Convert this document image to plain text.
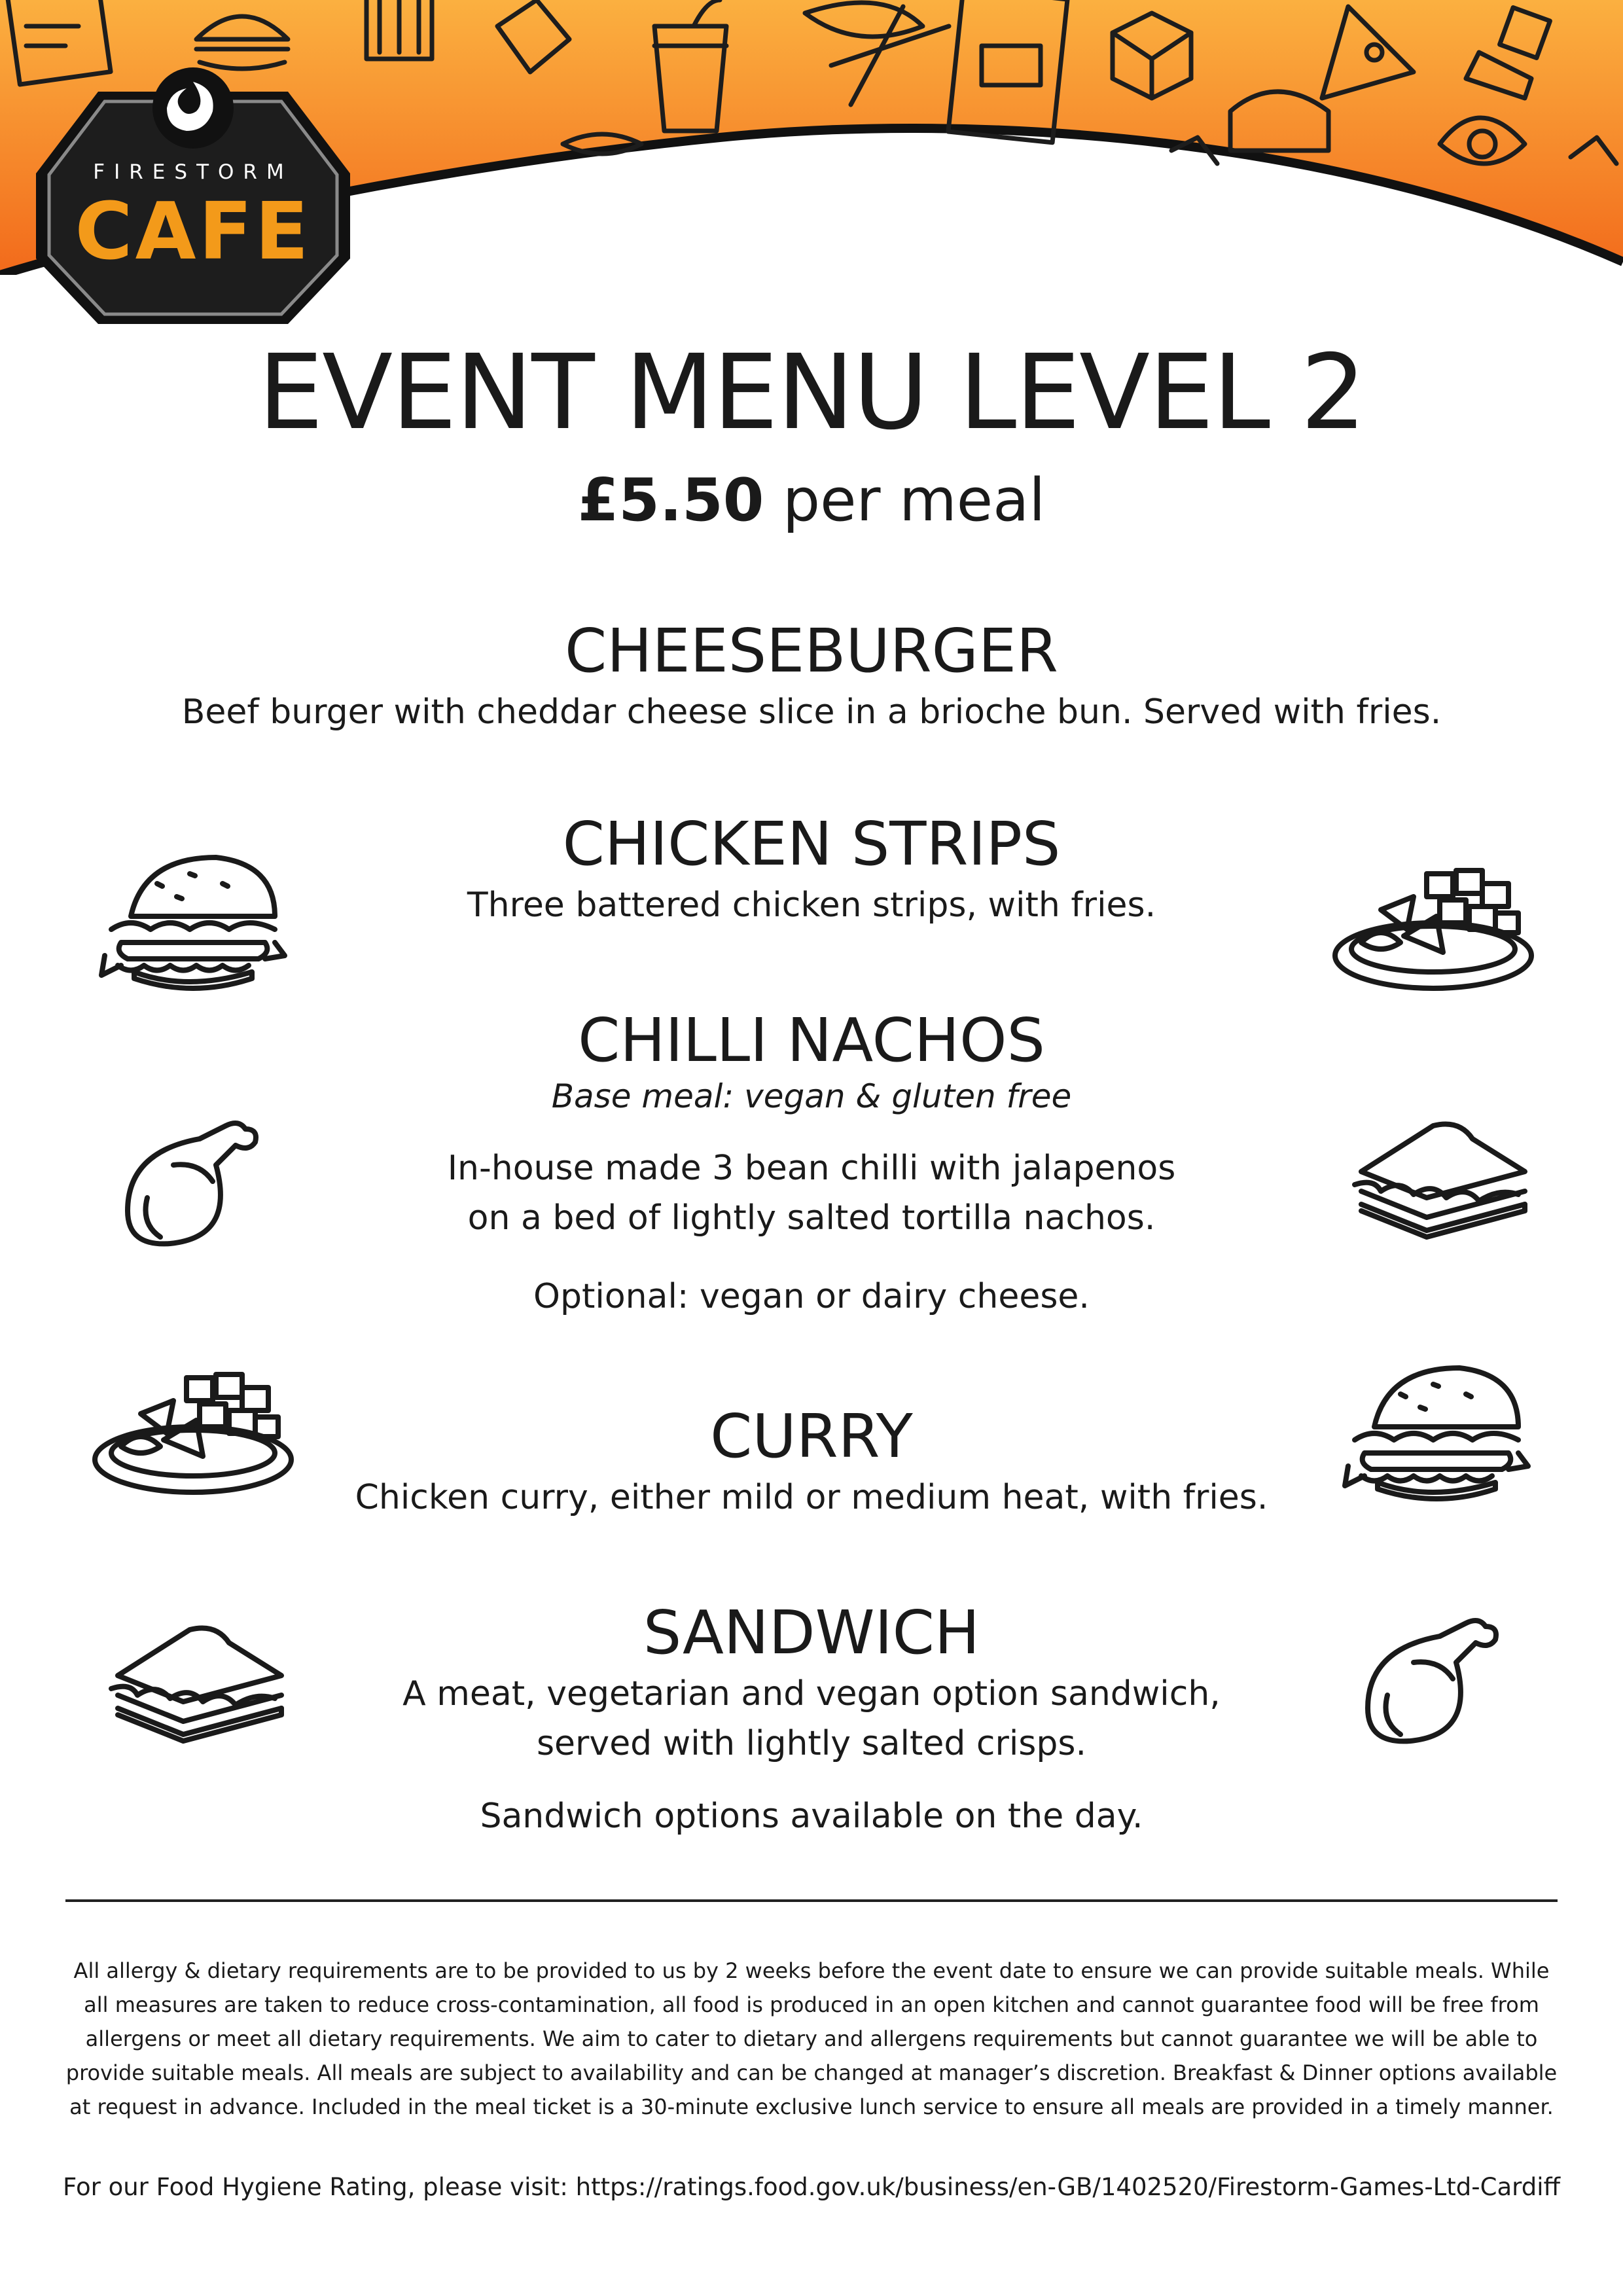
FIRESTORM
CAFE
EVENT MENU LEVEL 2
£5.50 per meal
CHEESEBURGER
Beef burger with cheddar cheese slice in a brioche bun. Served with fries.
CHICKEN STRIPS
Three battered chicken strips, with fries.
CHILLI NACHOS
Base meal: vegan & gluten free
In-house made 3 bean chilli with jalapenos
on a bed of lightly salted tortilla nachos.
Optional: vegan or dairy cheese.
CURRY
Chicken curry, either mild or medium heat, with fries.
SANDWICH
A meat, vegetarian and vegan option sandwich,
served with lightly salted crisps.
Sandwich options available on the day.
All allergy & dietary requirements are to be provided to us by 2 weeks before the event date to ensure we can provide suitable meals. While all measures are taken to reduce cross-contamination, all food is produced in an open kitchen and cannot guarantee food will be free from allergens or meet all dietary requirements. We aim to cater to dietary and allergens requirements but cannot guarantee we will be able to provide suitable meals. All meals are subject to availability and can be changed at manager’s discretion. Breakfast & Dinner options available at request in advance. Included in the meal ticket is a 30-minute exclusive lunch service to ensure all meals are provided in a timely manner.
For our Food Hygiene Rating, please visit: https://ratings.food.gov.uk/business/en-GB/1402520/Firestorm-Games-Ltd-Cardiff
